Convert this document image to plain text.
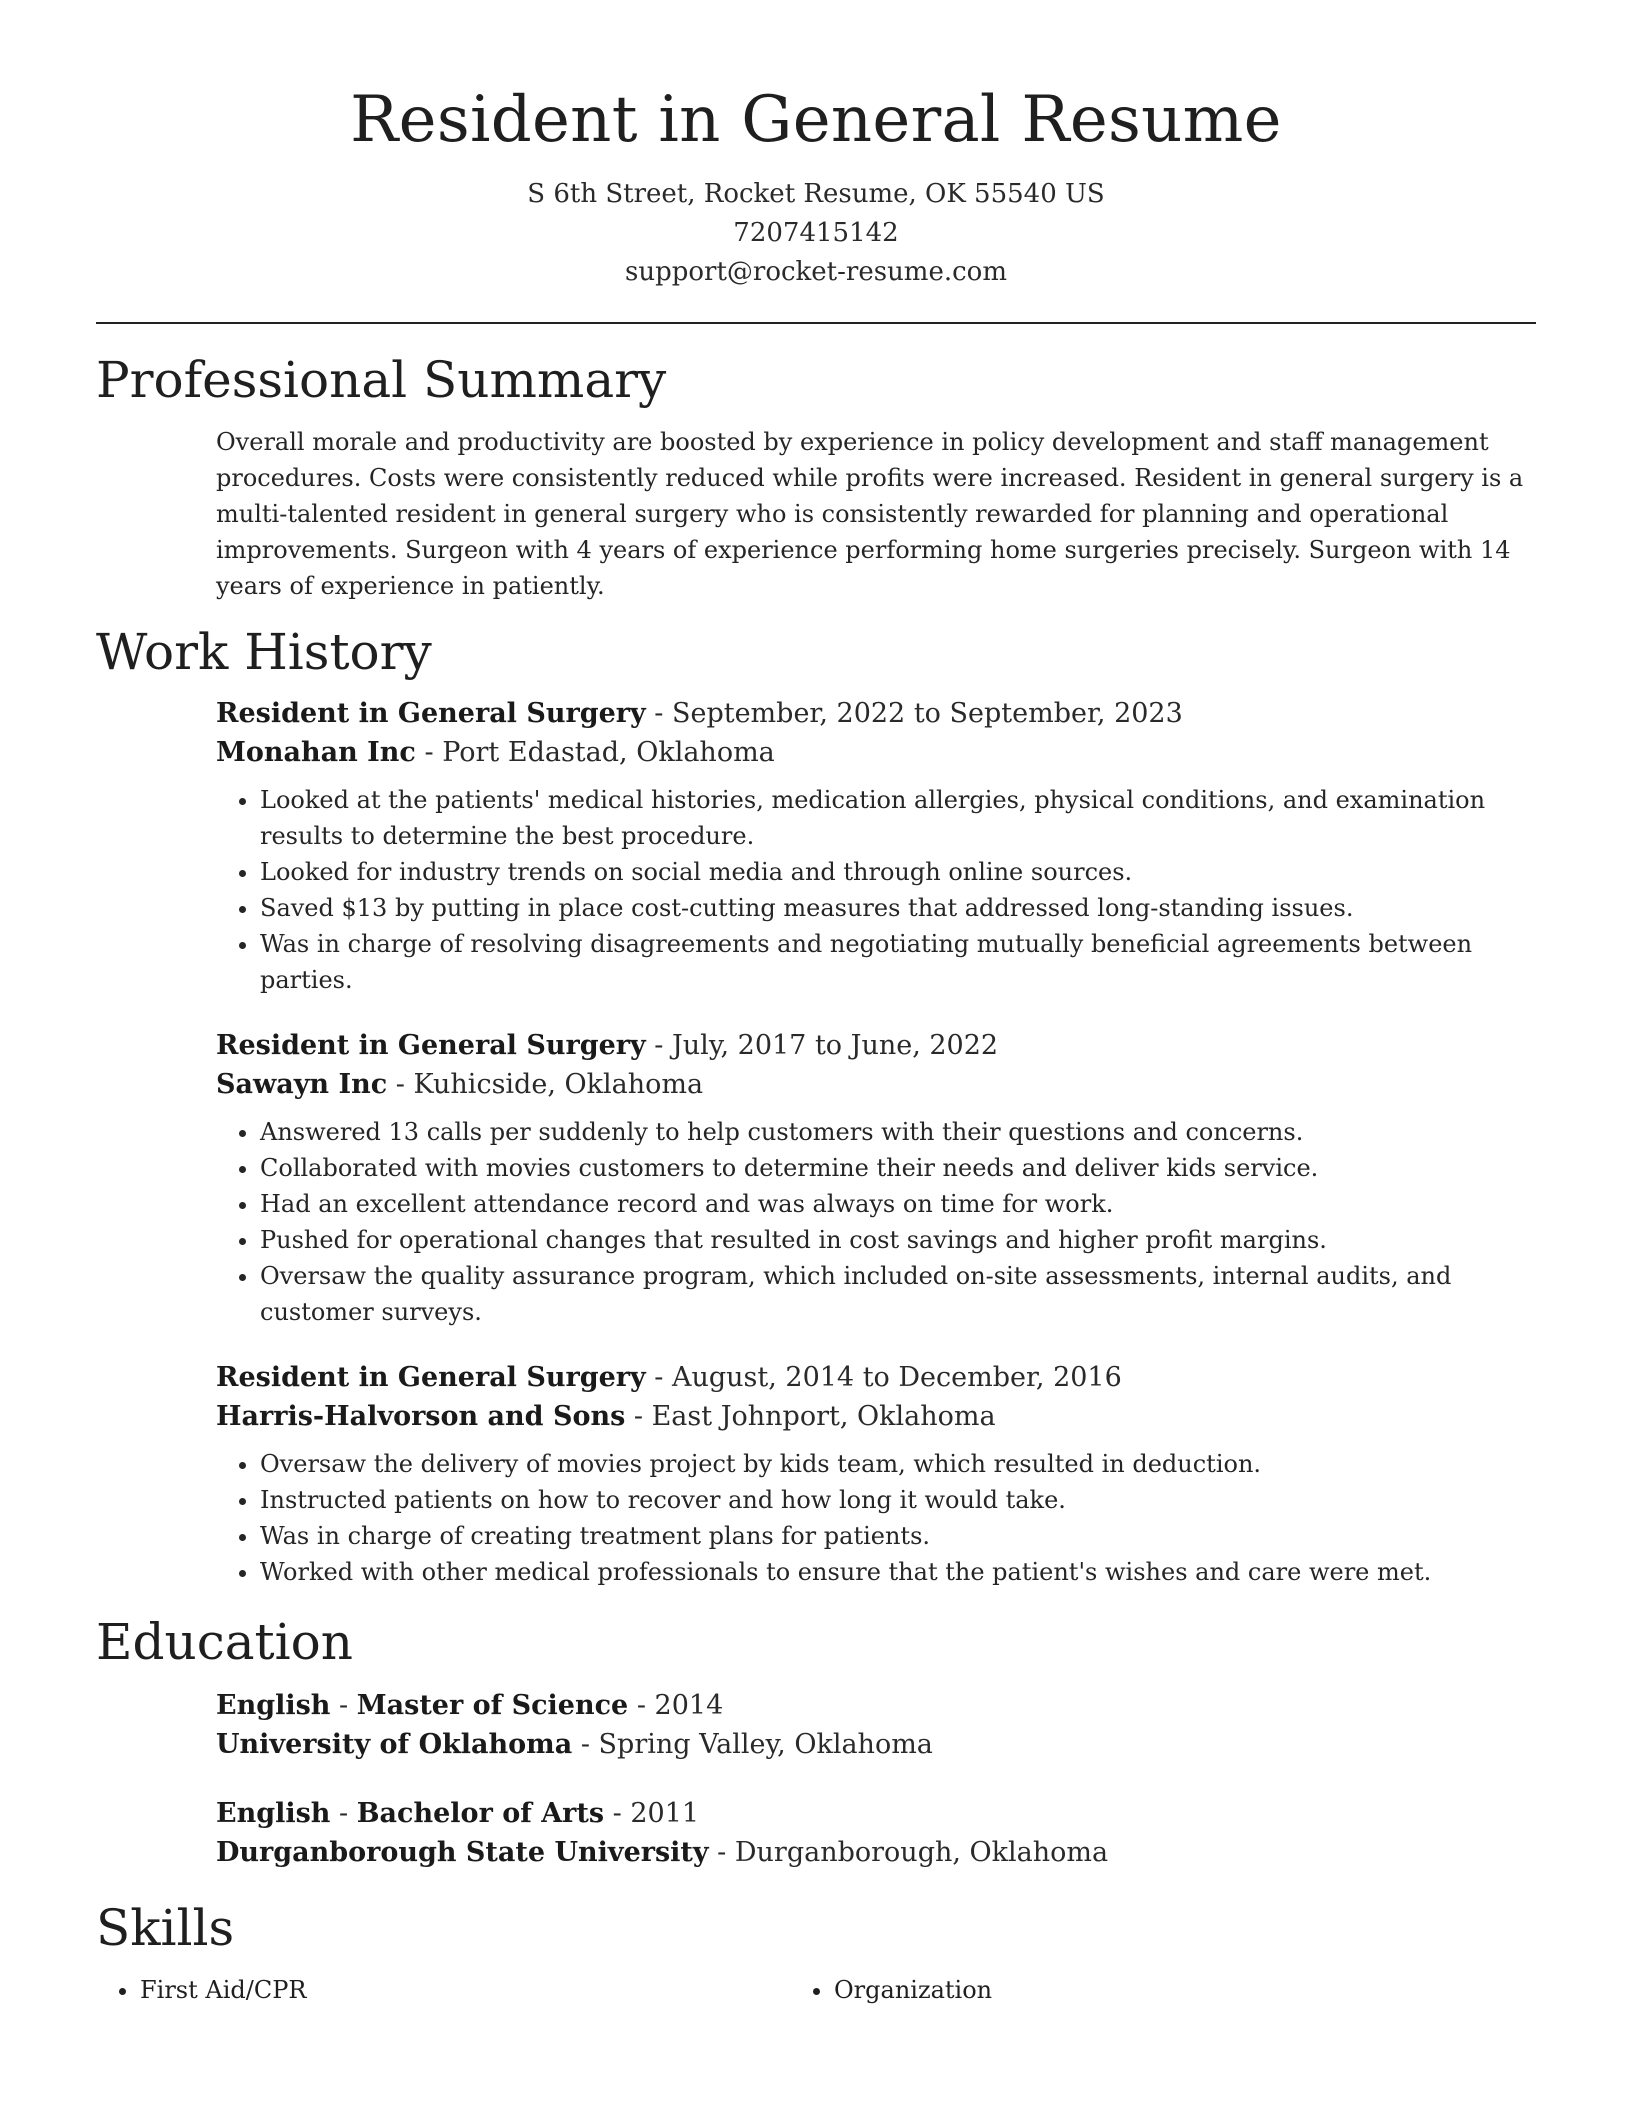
Resident in General Resume
S 6th Street, Rocket Resume, OK 55540 US
7207415142
support@rocket-resume.com
Professional Summary

Overall morale and productivity are boosted by experience in policy development and staff management procedures. Costs were consistently reduced while profits were increased. Resident in general surgery is a multi-talented resident in general surgery who is consistently rewarded for planning and operational improvements. Surgeon with 4 years of experience performing home surgeries precisely. Surgeon with 14 years of experience in patiently.

Work History
Resident in General Surgery - September, 2022 to September, 2023
Monahan Inc - Port Edastad, Oklahoma
• Looked at the patients' medical histories, medication allergies, physical conditions, and examination results to determine the best procedure.
• Looked for industry trends on social media and through online sources.
• Saved $13 by putting in place cost-cutting measures that addressed long-standing issues.
• Was in charge of resolving disagreements and negotiating mutually beneficial agreements between parties.
Resident in General Surgery - July, 2017 to June, 2022
Sawayn Inc - Kuhicside, Oklahoma
• Answered 13 calls per suddenly to help customers with their questions and concerns.
• Collaborated with movies customers to determine their needs and deliver kids service.
• Had an excellent attendance record and was always on time for work.
• Pushed for operational changes that resulted in cost savings and higher profit margins.
• Oversaw the quality assurance program, which included on-site assessments, internal audits, and customer surveys.
Resident in General Surgery - August, 2014 to December, 2016
Harris-Halvorson and Sons - East Johnport, Oklahoma
• Oversaw the delivery of movies project by kids team, which resulted in deduction.
• Instructed patients on how to recover and how long it would take.
• Was in charge of creating treatment plans for patients.
• Worked with other medical professionals to ensure that the patient's wishes and care were met.
Education
English - Master of Science - 2014
University of Oklahoma - Spring Valley, Oklahoma
English - Bachelor of Arts - 2011
Durganborough State University - Durganborough, Oklahoma
Skills
• First Aid/CPR
•	Organization
